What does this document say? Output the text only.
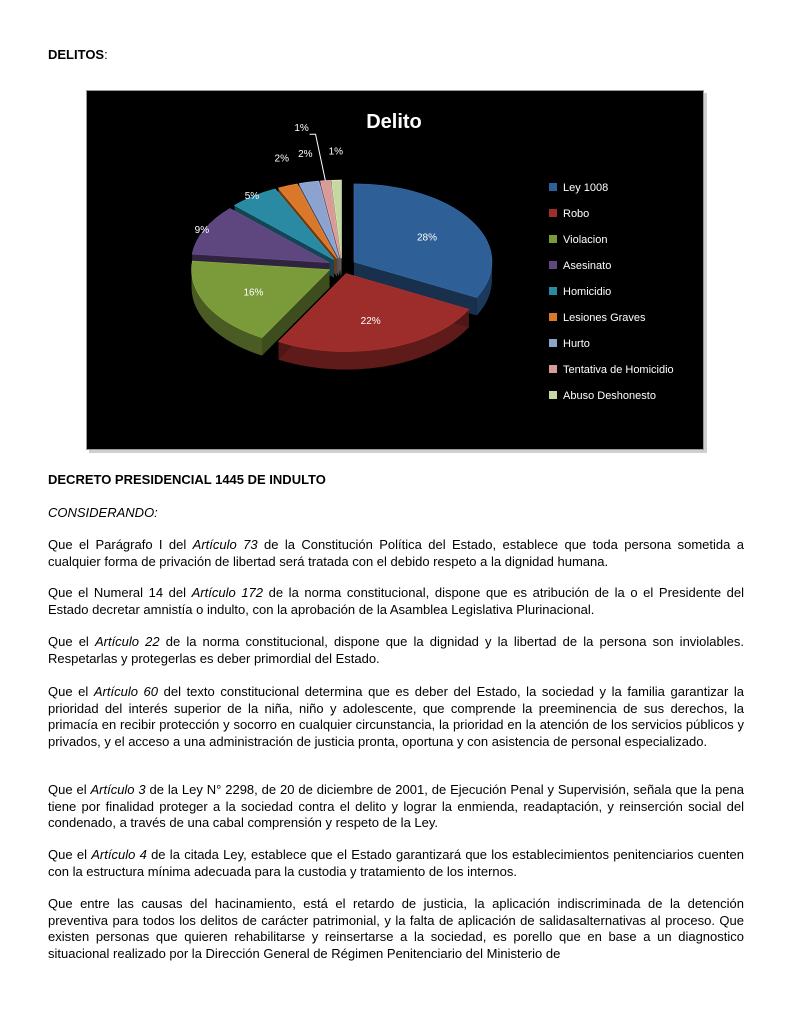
DELITOS:
Delito
28%
22%
16%
9%
5%
2% 2%
1%
1%
Ley 1008
Robo
Violacion
Asesinato
Homicidio
Lesiones Graves
Hurto
Tentativa de Homicidio
Abuso Deshonesto
DECRETO PRESIDENCIAL 1445 DE INDULTO
CONSIDERANDO:

Que el Parágrafo I del Artículo 73 de la Constitución Política del Estado, establece que toda persona sometida a cualquier forma de privación de libertad será tratada con el debido respeto a la dignidad humana.

Que el Numeral 14 del Artículo 172 de la norma constitucional, dispone que es atribución de la o el Presidente del Estado decretar amnistía o indulto, con la aprobación de la Asamblea Legislativa Plurinacional.

Que el Artículo 22 de la norma constitucional, dispone que la dignidad y la libertad de la persona son inviolables. Respetarlas y protegerlas es deber primordial del Estado.

Que el Artículo 60 del texto constitucional determina que es deber del Estado, la sociedad y la familia garantizar la prioridad del interés superior de la niña, niño y adolescente, que comprende la preeminencia de sus derechos, la primacía en recibir protección y socorro en cualquier circunstancia, la prioridad en la atención de los servicios públicos y privados, y el acceso a una administración de justicia pronta, oportuna y con asistencia de personal especializado.

Que el Artículo 3 de la Ley N° 2298, de 20 de diciembre de 2001, de Ejecución Penal y Supervisión, señala que la pena tiene por finalidad proteger a la sociedad contra el delito y lograr la enmienda, readaptación, y reinserción social del condenado, a través de una cabal comprensión y respeto de la Ley.

Que el Artículo 4 de la citada Ley, establece que el Estado garantizará que los establecimientos penitenciarios cuenten con la estructura mínima adecuada para la custodia y tratamiento de los internos.

Que entre las causas del hacinamiento, está el retardo de justicia, la aplicación indiscriminada de la detención preventiva para todos los delitos de carácter patrimonial, y la falta de aplicación de salidasalternativas al proceso. Que existen personas que quieren rehabilitarse y reinsertarse a la sociedad, es porello que en base a un diagnostico situacional realizado por la Dirección General de Régimen Penitenciario del Ministerio de
